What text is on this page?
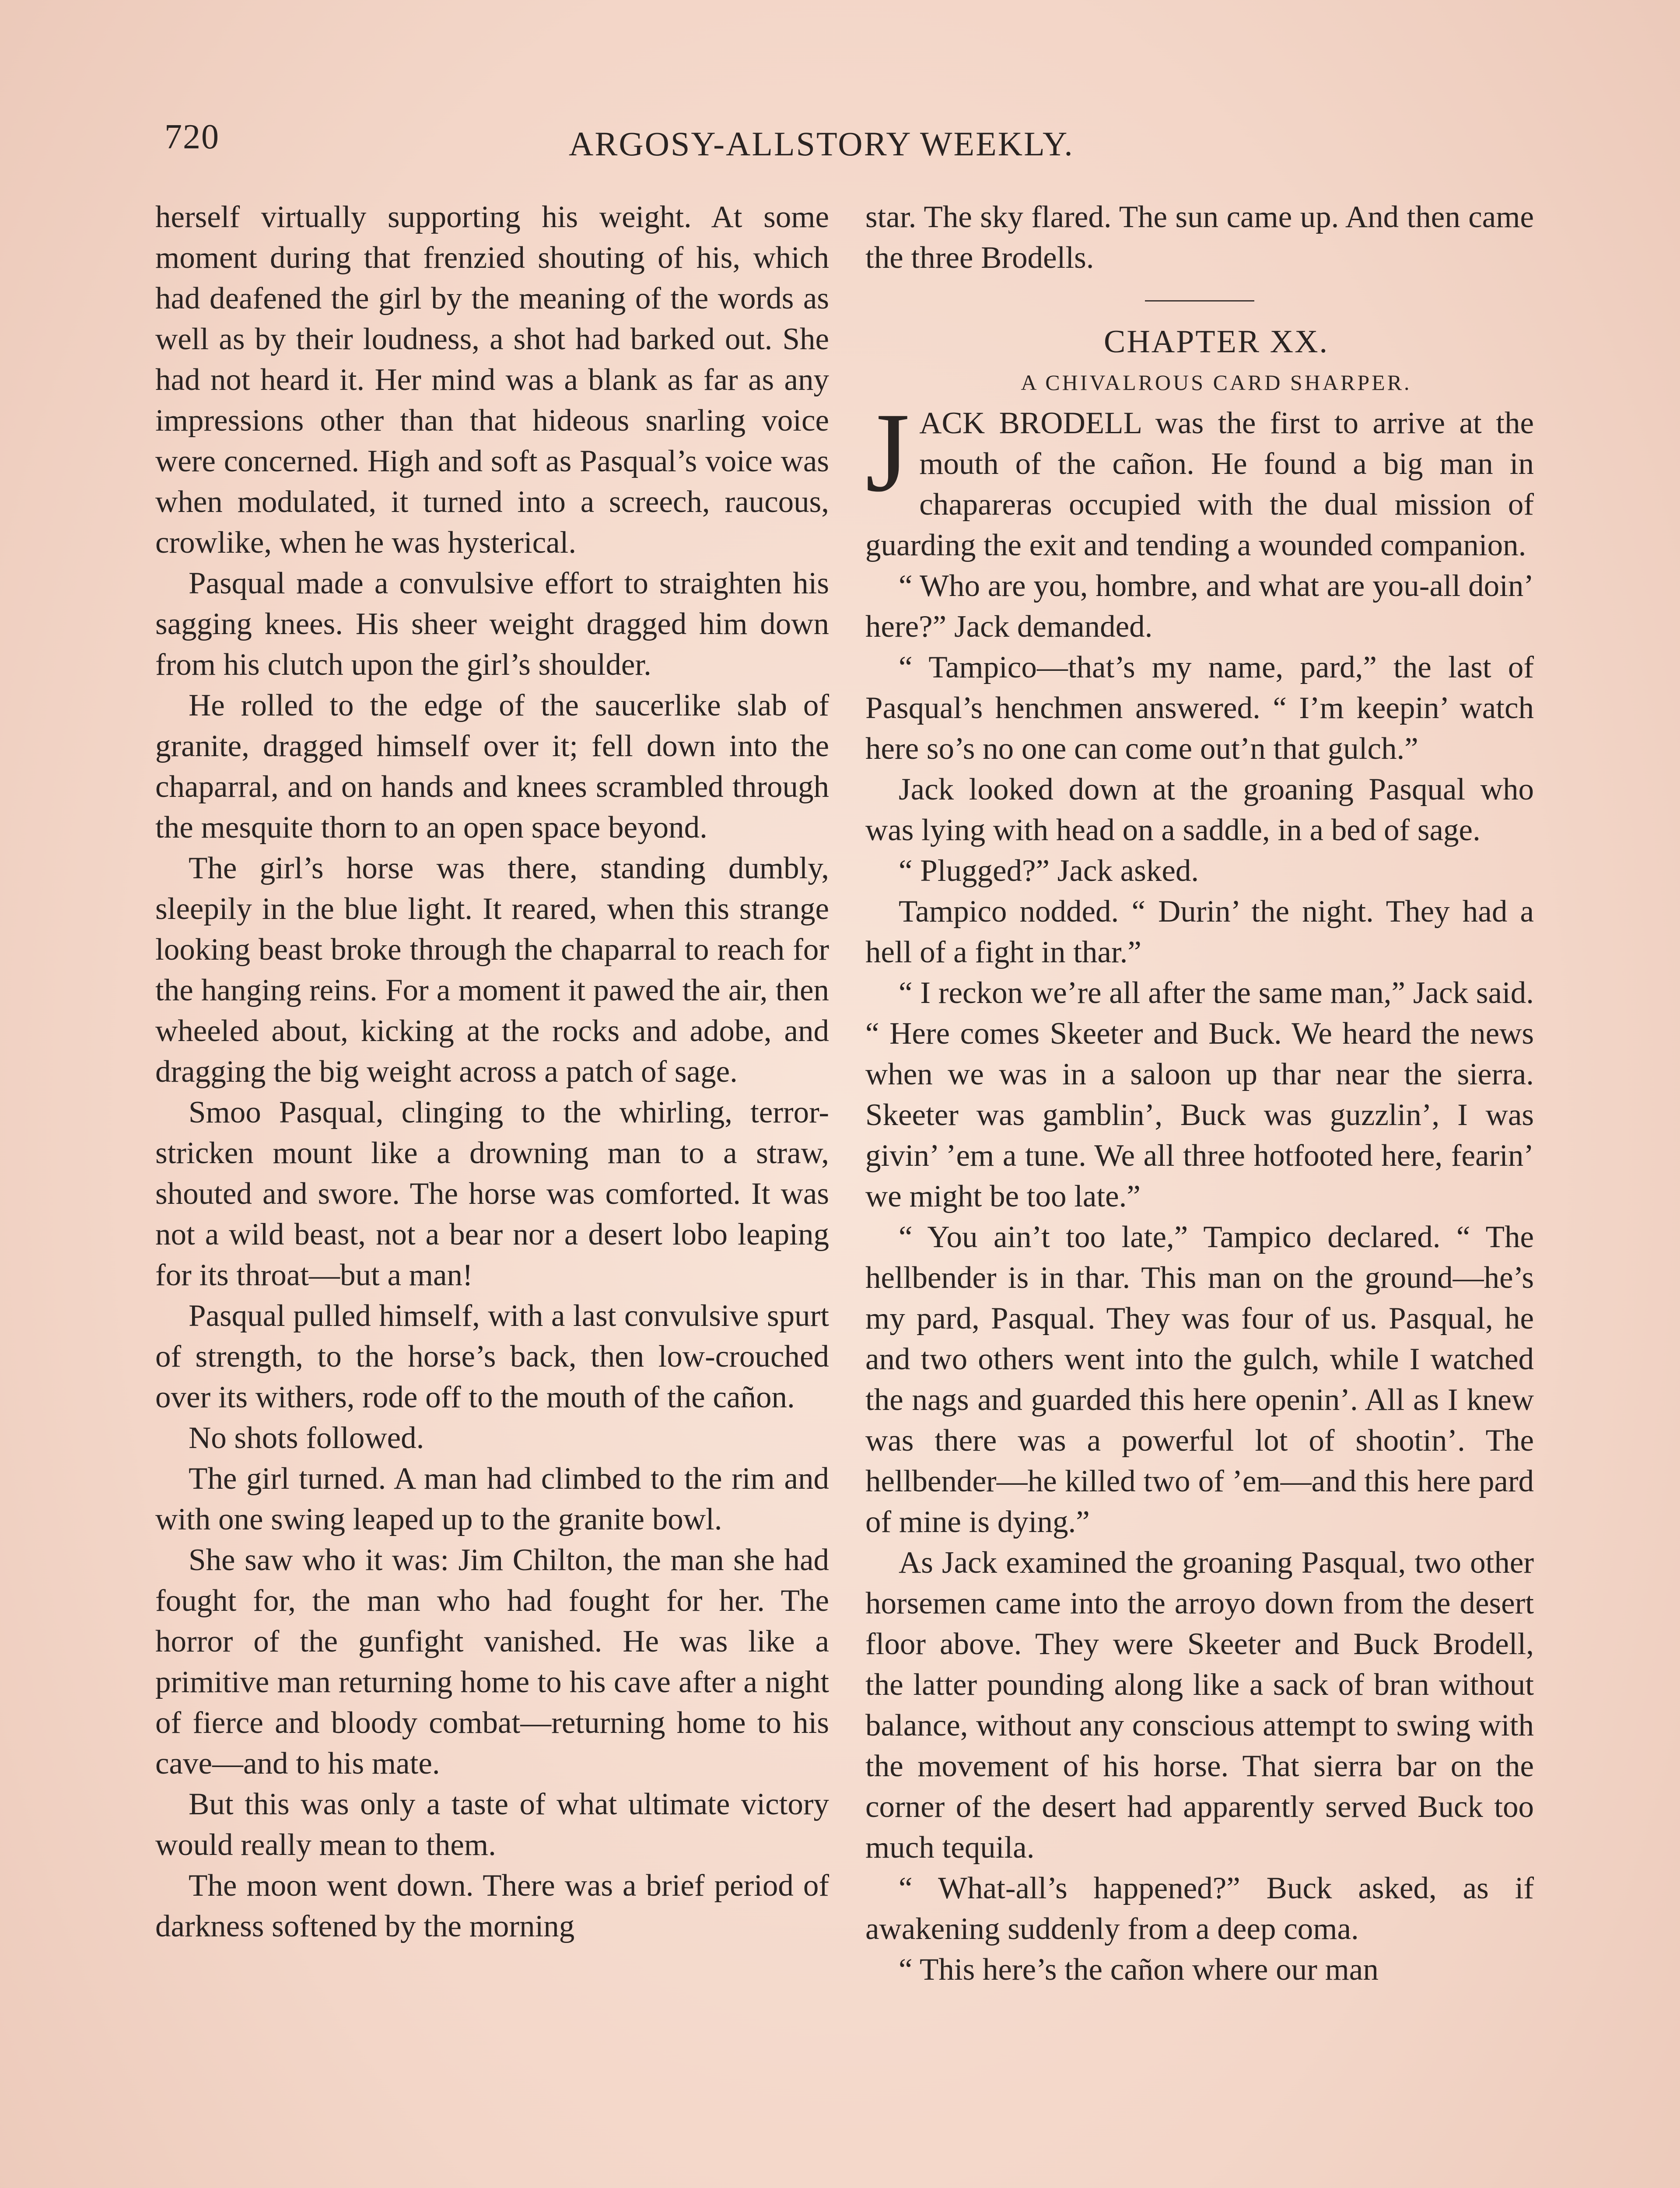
720	ARGOSY-ALLSTORY WEEKLY.

herself virtually supporting his weight. At some moment during that frenzied shouting of his, which had deafened the girl by the meaning of the words as well as by their loudness, a shot had barked out. She had not heard it. Her mind was a blank as far as any impressions other than that hideous snarling voice were concerned. High and soft as Pasqual’s voice was when modulated, it turned into a screech, raucous, crowlike, when he was hysterical.

Pasqual made a convulsive effort to straighten his sagging knees. His sheer weight dragged him down from his clutch upon the girl’s shoulder.

He rolled to the edge of the saucerlike slab of granite, dragged himself over it; fell down into the chaparral, and on hands and knees scrambled through the mesquite thorn to an open space beyond.

The girl’s horse was there, standing dumbly, sleepily in the blue light. It reared, when this strange looking beast broke through the chaparral to reach for the hanging reins. For a moment it pawed the air, then wheeled about, kicking at the rocks and adobe, and dragging the big weight across a patch of sage.

Smoo Pasqual, clinging to the whirling, terror-stricken mount like a drowning man to a straw, shouted and swore. The horse was comforted. It was not a wild beast, not a bear nor a desert lobo leaping for its throat—but a man!

Pasqual pulled himself, with a last convulsive spurt of strength, to the horse’s back, then low-crouched over its withers, rode off to the mouth of the cañon.

No shots followed.

The girl turned. A man had climbed to the rim and with one swing leaped up to the granite bowl.

She saw who it was: Jim Chilton, the man she had fought for, the man who had fought for her. The horror of the gunfight vanished. He was like a primitive man returning home to his cave after a night of fierce and bloody combat—returning home to his cave—and to his mate.

But this was only a taste of what ultimate victory would really mean to them.

The moon went down. There was a brief period of darkness softened by the morning

star. The sky flared. The sun came up. And then came the three Brodells.

CHAPTER XX.

A CHIVALROUS CARD SHARPER.

JACK BRODELL was the first to arrive at the mouth of the cañon. He found a big man in chapareras occupied with the dual mission of guarding the exit and tending a wounded companion.

“ Who are you, hombre, and what are you-all doin’ here?” Jack demanded.

“ Tampico—that’s my name, pard,” the last of Pasqual’s henchmen answered. “ I’m keepin’ watch here so’s no one can come out’n that gulch.”

Jack looked down at the groaning Pasqual who was lying with head on a saddle, in a bed of sage.

“ Plugged?” Jack asked.

Tampico nodded. “ Durin’ the night. They had a hell of a fight in thar.”

“ I reckon we’re all after the same man,” Jack said. “ Here comes Skeeter and Buck. We heard the news when we was in a saloon up thar near the sierra. Skeeter was gamblin’, Buck was guzzlin’, I was givin’ ’em a tune. We all three hotfooted here, fearin’ we might be too late.”

“ You ain’t too late,” Tampico declared. “ The hellbender is in thar. This man on the ground—he’s my pard, Pasqual. They was four of us. Pasqual, he and two others went into the gulch, while I watched the nags and guarded this here openin’. All as I knew was there was a powerful lot of shootin’. The hellbender—he killed two of ’em—and this here pard of mine is dying.”

As Jack examined the groaning Pasqual, two other horsemen came into the arroyo down from the desert floor above. They were Skeeter and Buck Brodell, the latter pounding along like a sack of bran without balance, without any conscious attempt to swing with the movement of his horse. That sierra bar on the corner of the desert had apparently served Buck too much tequila.

“ What-all’s happened?” Buck asked, as if awakening suddenly from a deep coma.

“ This here’s the cañon where our man
